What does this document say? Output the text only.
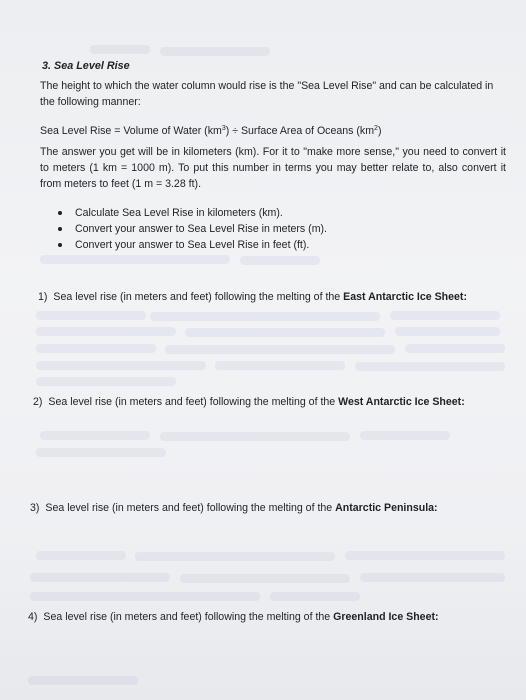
3. Sea Level Rise
The height to which the water column would rise is the "Sea Level Rise" and can be calculated in the following manner:
Sea Level Rise = Volume of Water $(km^3)$ ÷ Surface Area of Oceans $(km^2)$
The answer you get will be in kilometers (km). For it to "make more sense," you need to convert it to meters (1 km = 1000 m). To put this number in terms you may better relate to, also convert it from meters to feet (1 m = 3.28 ft).
Calculate Sea Level Rise in kilometers (km).
Convert your answer to Sea Level Rise in meters (m).
Convert your answer to Sea Level Rise in feet (ft).
1) Sea level rise (in meters and feet) following the melting of the East Antarctic Ice Sheet:
2) Sea level rise (in meters and feet) following the melting of the West Antarctic Ice Sheet:
3) Sea level rise (in meters and feet) following the melting of the Antarctic Peninsula:
4) Sea level rise (in meters and feet) following the melting of the Greenland Ice Sheet:
